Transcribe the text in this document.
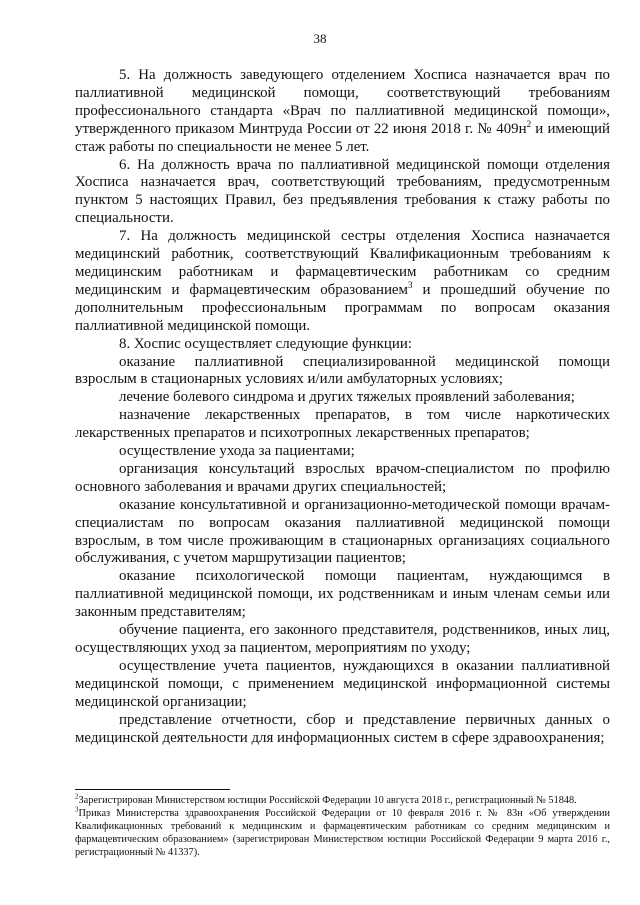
38

5. На должность заведующего отделением Хосписа назначается врач по паллиативной медицинской помощи, соответствующий требованиям профессионального стандарта «Врач по паллиативной медицинской помощи», утвержденного приказом Минтруда России от 22 июня 2018 г. № $409н^2$ и имеющий стаж работы по специальности не менее 5 лет.

6. На должность врача по паллиативной медицинской помощи отделения Хосписа назначается врач, соответствующий требованиям, предусмотренным пунктом 5 настоящих Правил, без предъявления требования к стажу работы по специальности.

7. На должность медицинской сестры отделения Хосписа назначается медицинский работник, соответствующий Квалификационным требованиям к медицинским работникам и фармацевтическим работникам со средним медицинским и фармацевтическим образованием$^3$ и прошедший обучение по дополнительным профессиональным программам по вопросам оказания паллиативной медицинской помощи.

8. Хоспис осуществляет следующие функции:

оказание паллиативной специализированной медицинской помощи взрослым в стационарных условиях и/или амбулаторных условиях;

лечение болевого синдрома и других тяжелых проявлений заболевания;

назначение лекарственных препаратов, в том числе наркотических лекарственных препаратов и психотропных лекарственных препаратов;

осуществление ухода за пациентами;

организация консультаций взрослых врачом-специалистом по профилю основного заболевания и врачами других специальностей;

оказание консультативной и организационно-методической помощи врачам-специалистам по вопросам оказания паллиативной медицинской помощи взрослым, в том числе проживающим в стационарных организациях социального обслуживания, с учетом маршрутизации пациентов;

оказание психологической помощи пациентам, нуждающимся в паллиативной медицинской помощи, их родственникам и иным членам семьи или законным представителям;

обучение пациента, его законного представителя, родственников, иных лиц, осуществляющих уход за пациентом, мероприятиям по уходу;

осуществление учета пациентов, нуждающихся в оказании паллиативной медицинской помощи, с применением медицинской информационной системы медицинской организации;

представление отчетности, сбор и представление первичных данных о медицинской деятельности для информационных систем в сфере здравоохранения;

$^2$Зарегистрирован Министерством юстиции Российской Федерации 10 августа 2018 г., регистрационный № 51848.

$^3$Приказ Министерства здравоохранения Российской Федерации от 10 февраля 2016 г. № 83н «Об утверждении Квалификационных требований к медицинским и фармацевтическим работникам со средним медицинским и фармацевтическим образованием» (зарегистрирован Министерством юстиции Российской Федерации 9 марта 2016 г., регистрационный № 41337).
